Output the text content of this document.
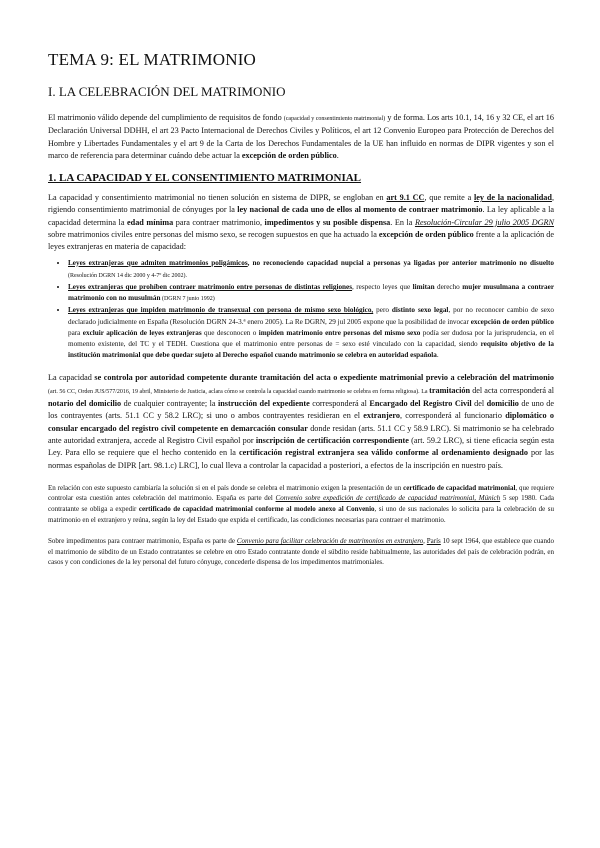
TEMA 9: EL MATRIMONIO
I. LA CELEBRACIÓN DEL MATRIMONIO

El matrimonio válido depende del cumplimiento de requisitos de fondo (capacidad y consentimiento matrimonial) y de forma. Los arts 10.1, 14, 16 y 32 CE, el art 16 Declaración Universal DDHH, el art 23 Pacto Internacional de Derechos Civiles y Políticos, el art 12 Convenio Europeo para Protección de Derechos del Hombre y Libertades Fundamentales y el art 9 de la Carta de los Derechos Fundamentales de la UE han influido en normas de DIPR vigentes y son el marco de referencia para determinar cuándo debe actuar la excepción de orden público.

1. LA CAPACIDAD Y EL CONSENTIMIENTO MATRIMONIAL

La capacidad y consentimiento matrimonial no tienen solución en sistema de DIPR, se engloban en art 9.1 CC, que remite a ley de la nacionalidad, rigiendo consentimiento matrimonial de cónyuges por la ley nacional de cada uno de ellos al momento de contraer matrimonio. La ley aplicable a la capacidad determina la edad mínima para contraer matrimonio, impedimentos y su posible dispensa. En la Resolución-Circular 29 julio 2005 DGRN sobre matrimonios civiles entre personas del mismo sexo, se recogen supuestos en que ha actuado la excepción de orden público frente a la aplicación de leyes extranjeras en materia de capacidad:

• Leyes extranjeras que admiten matrimonios poligámicos, no reconociendo capacidad nupcial a personas ya ligadas por anterior matrimonio no disuelto (Resolución DGRN 14 dic 2000 y 4-7º dic 2002).
• Leyes extranjeras que prohíben contraer matrimonio entre personas de distintas religiones, respecto leyes que limitan derecho mujer musulmana a contraer matrimonio con no musulmán (DGRN 7 junio 1992)
• Leyes extranjeras que impiden matrimonio de transexual con persona de mismo sexo biológico, pero distinto sexo legal, por no reconocer cambio de sexo declarado judicialmente en España (Resolución DGRN 24-3.ª enero 2005). La Re DGRN, 29 jul 2005 expone que la posibilidad de invocar excepción de orden público para excluir aplicación de leyes extranjeras que desconocen o impiden matrimonio entre personas del mismo sexo podía ser dudosa por la jurisprudencia, en el momento existente, del TC y el TEDH. Cuestiona que el matrimonio entre personas de = sexo esté vinculado con la capacidad, siendo requisito objetivo de la institución matrimonial que debe quedar sujeto al Derecho español cuando matrimonio se celebra en autoridad española.

La capacidad se controla por autoridad competente durante tramitación del acta o expediente matrimonial previo a celebración del matrimonio (art. 56 CC, Orden JUS/577/2016, 19 abril, Ministerio de Justicia, aclara cómo se controla la capacidad cuando matrimonio se celebra en forma religiosa). La tramitación del acta corresponderá al notario del domicilio de cualquier contrayente; la instrucción del expediente corresponderá al Encargado del Registro Civil del domicilio de uno de los contrayentes (arts. 51.1 CC y 58.2 LRC); si uno o ambos contrayentes residieran en el extranjero, corresponderá al funcionario diplomático o consular encargado del registro civil competente en demarcación consular donde residan (arts. 51.1 CC y 58.9 LRC). Si matrimonio se ha celebrado ante autoridad extranjera, accede al Registro Civil español por inscripción de certificación correspondiente (art. 59.2 LRC), si tiene eficacia según esta Ley. Para ello se requiere que el hecho contenido en la certificación registral extranjera sea válido conforme al ordenamiento designado por las normas españolas de DIPR [art. 98.1.c) LRC], lo cual lleva a controlar la capacidad a posteriori, a efectos de la inscripción en nuestro país.

En relación con este supuesto cambiaría la solución si en el país donde se celebra el matrimonio exigen la presentación de un certificado de capacidad matrimonial, que requiere controlar esta cuestión antes celebración del matrimonio. España es parte del Convenio sobre expedición de certificado de capacidad matrimonial, Múnich 5 sep 1980. Cada contratante se obliga a expedir certificado de capacidad matrimonial conforme al modelo anexo al Convenio, si uno de sus nacionales lo solicita para la celebración de su matrimonio en el extranjero y reúna, según la ley del Estado que expida el certificado, las condiciones necesarias para contraer el matrimonio.

Sobre impedimentos para contraer matrimonio, España es parte de Convenio para facilitar celebración de matrimonios en extranjero, París 10 sept 1964, que establece que cuando el matrimonio de súbdito de un Estado contratantes se celebre en otro Estado contratante donde el súbdito reside habitualmente, las autoridades del país de celebración podrán, en casos y con condiciones de la ley personal del futuro cónyuge, concederle dispensa de los impedimentos matrimoniales.
